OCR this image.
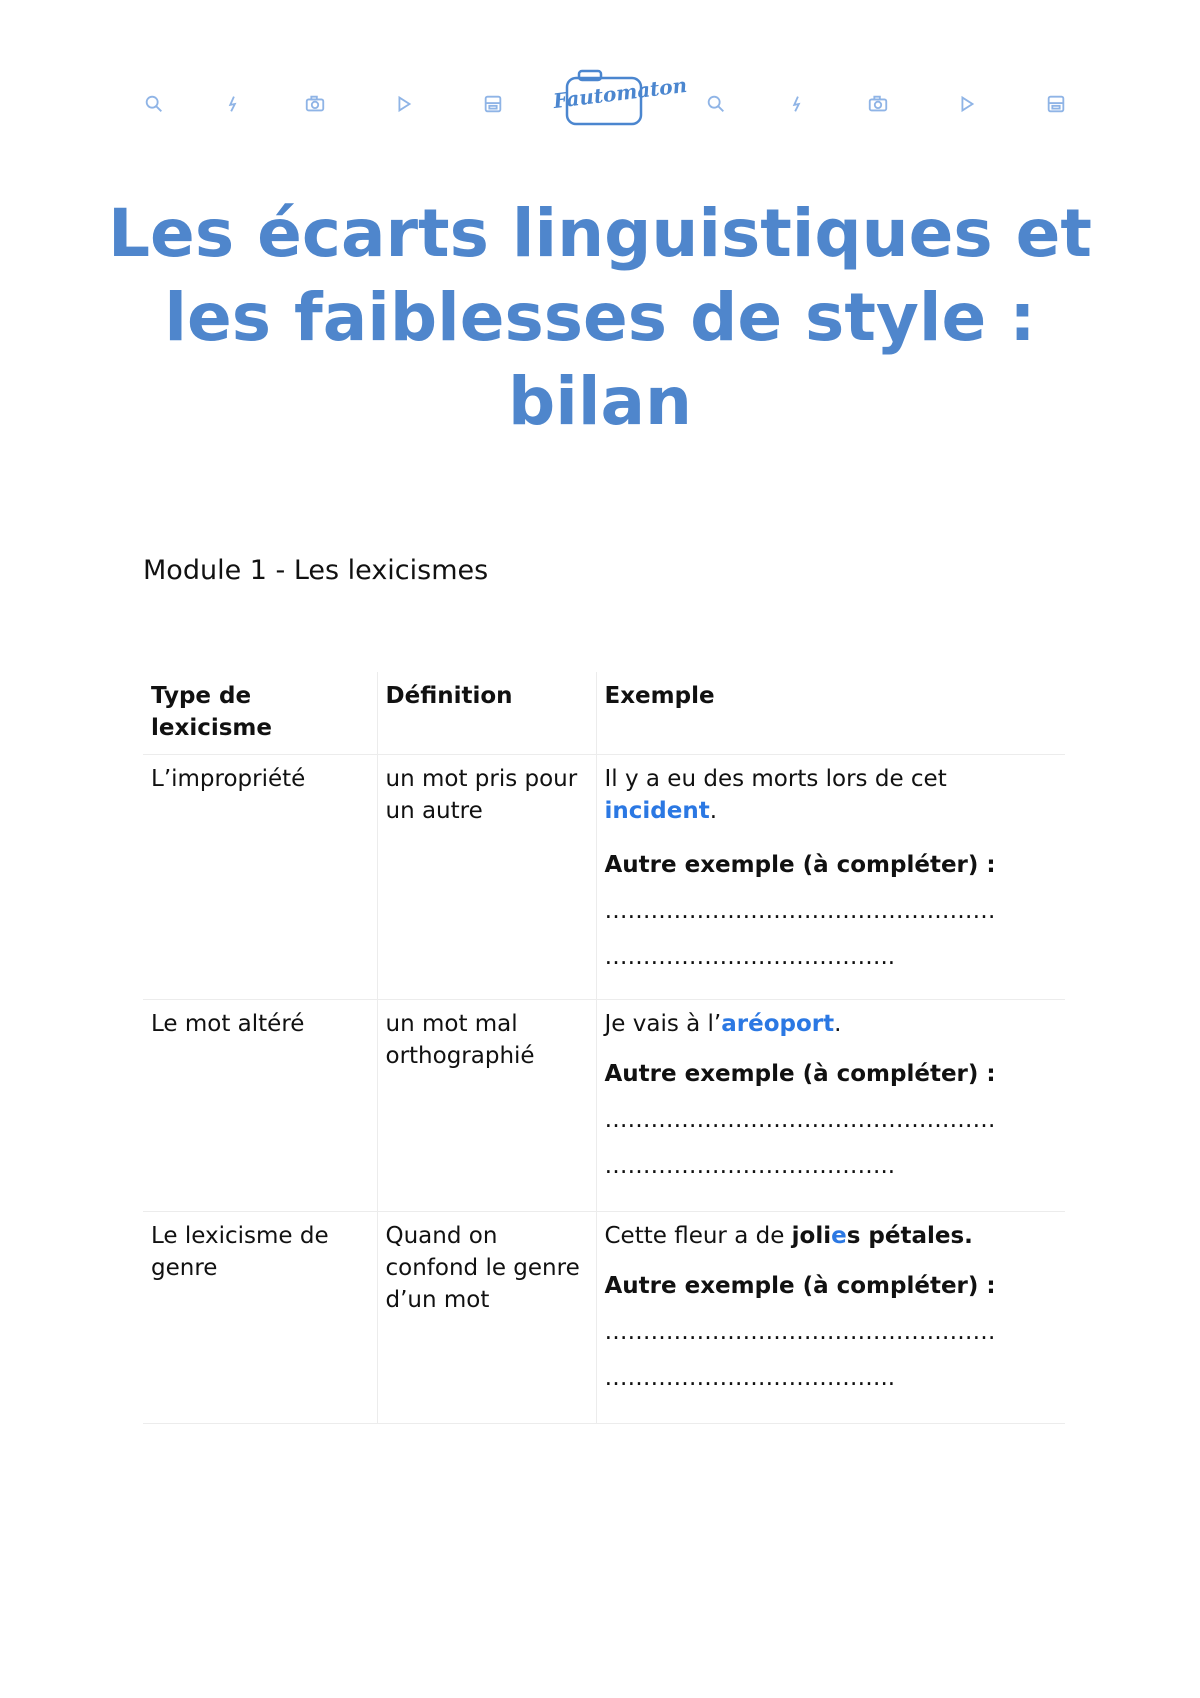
Fautomaton
Les écarts linguistiques et les faiblesses de style : bilan
Module 1 - Les lexicismes
Type de lexicisme	Définition	Exemple
L’impropriété	un mot pris pour un autre	Il y a eu des morts lors de cet incident.
Autre exemple (à compléter) :
……………………………………………
………………………………..

Le mot altéré	un mot mal orthographié	Je vais à l’aréoport.
Autre exemple (à compléter) :
……………………………………………
………………………………..

Le lexicisme de genre	Quand on confond le genre d’un mot	Cette fleur a de jolies pétales.
Autre exemple (à compléter) :
……………………………………………
………………………………..
